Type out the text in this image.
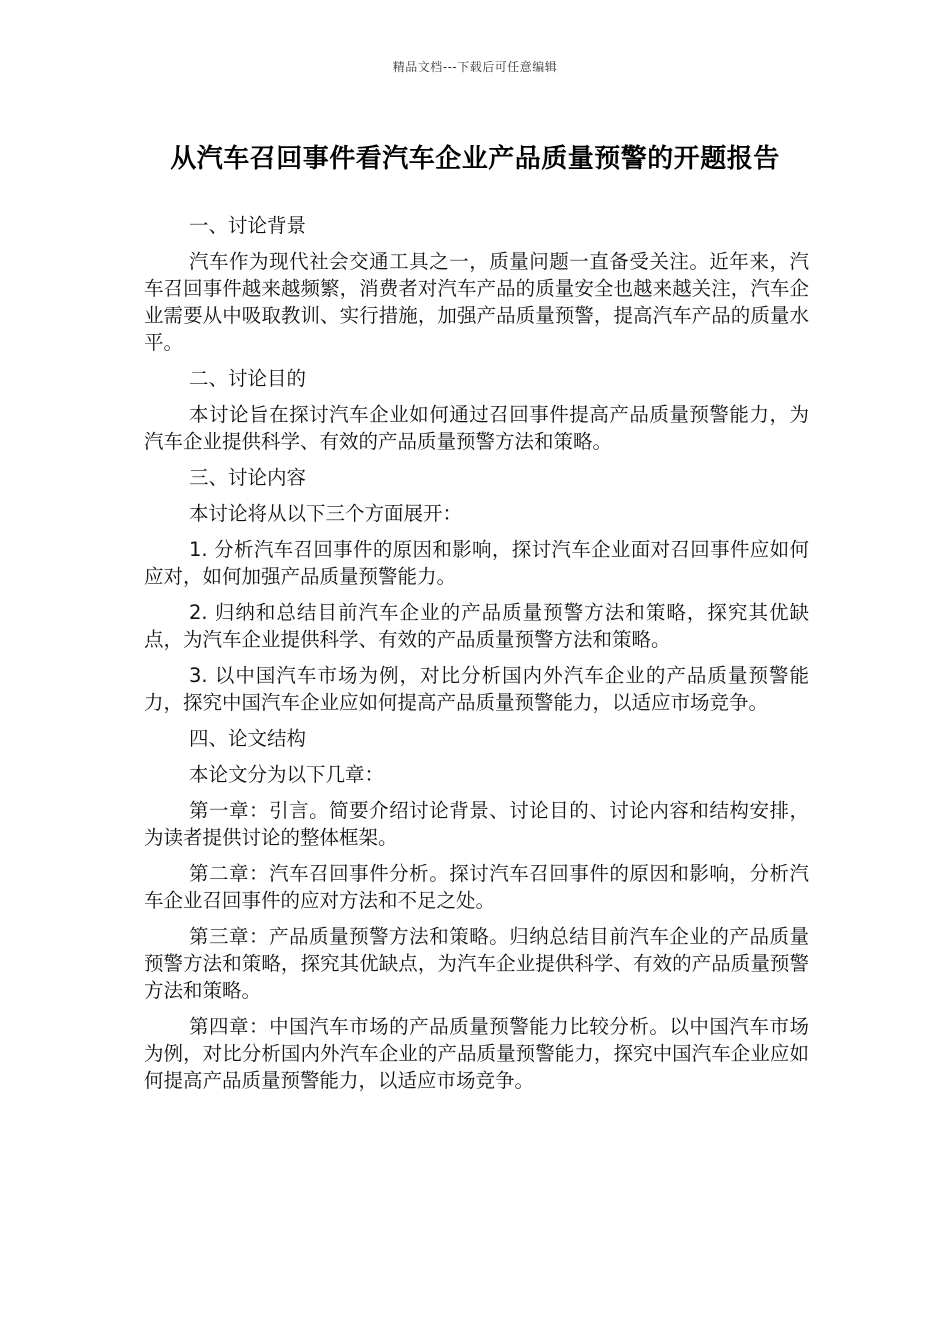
精品文档---下载后可任意编辑
从汽车召回事件看汽车企业产品质量预警的开题报告

一、讨论背景

汽车作为现代社会交通工具之一，质量问题一直备受关注。近年来，汽车召回事件越来越频繁，消费者对汽车产品的质量安全也越来越关注，汽车企业需要从中吸取教训、实行措施，加强产品质量预警，提高汽车产品的质量水平。

二、讨论目的

本讨论旨在探讨汽车企业如何通过召回事件提高产品质量预警能力，为汽车企业提供科学、有效的产品质量预警方法和策略。

三、讨论内容

本讨论将从以下三个方面展开：

1. 分析汽车召回事件的原因和影响，探讨汽车企业面对召回事件应如何应对，如何加强产品质量预警能力。

2. 归纳和总结目前汽车企业的产品质量预警方法和策略，探究其优缺点，为汽车企业提供科学、有效的产品质量预警方法和策略。

3. 以中国汽车市场为例，对比分析国内外汽车企业的产品质量预警能力，探究中国汽车企业应如何提高产品质量预警能力，以适应市场竞争。

四、论文结构

本论文分为以下几章：

第一章：引言。简要介绍讨论背景、讨论目的、讨论内容和结构安排，为读者提供讨论的整体框架。

第二章：汽车召回事件分析。探讨汽车召回事件的原因和影响，分析汽车企业召回事件的应对方法和不足之处。

第三章：产品质量预警方法和策略。归纳总结目前汽车企业的产品质量预警方法和策略，探究其优缺点，为汽车企业提供科学、有效的产品质量预警方法和策略。

第四章：中国汽车市场的产品质量预警能力比较分析。以中国汽车市场为例，对比分析国内外汽车企业的产品质量预警能力，探究中国汽车企业应如何提高产品质量预警能力，以适应市场竞争。
